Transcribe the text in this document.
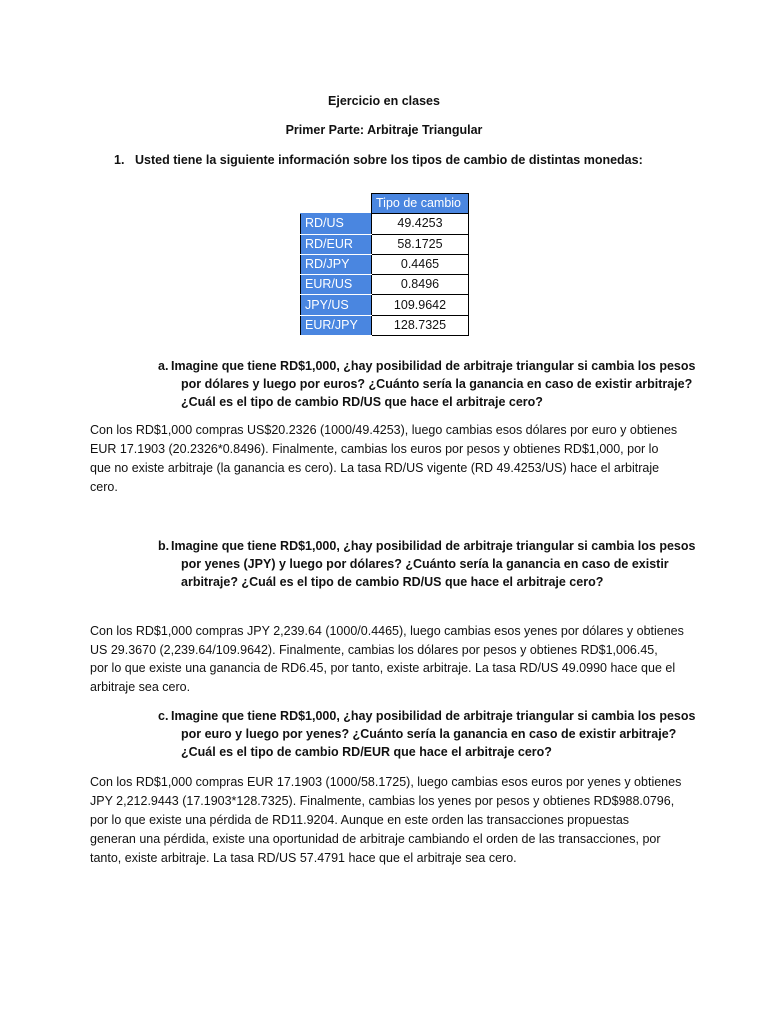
Ejercicio en clases
Primer Parte: Arbitraje Triangular
1. Usted tiene la siguiente información sobre los tipos de cambio de distintas monedas:
	Tipo de cambio
RD/US	49.4253
RD/EUR	58.1725
RD/JPY	0.4465
EUR/US	0.8496
JPY/US	109.9642
EUR/JPY	128.7325
a. Imagine que tiene RD$1,000, ¿hay posibilidad de arbitraje triangular si cambia los pesos
por dólares y luego por euros? ¿Cuánto sería la ganancia en caso de existir arbitraje?
¿Cuál es el tipo de cambio RD/US que hace el arbitraje cero?
Con los RD$1,000 compras US$20.2326 (1000/49.4253), luego cambias esos dólares por euro y obtienes
EUR 17.1903 (20.2326*0.8496). Finalmente, cambias los euros por pesos y obtienes RD$1,000, por lo
que no existe arbitraje (la ganancia es cero). La tasa RD/US vigente (RD 49.4253/US) hace el arbitraje
cero.
b. Imagine que tiene RD$1,000, ¿hay posibilidad de arbitraje triangular si cambia los pesos
por yenes (JPY) y luego por dólares? ¿Cuánto sería la ganancia en caso de existir
arbitraje? ¿Cuál es el tipo de cambio RD/US que hace el arbitraje cero?
Con los RD$1,000 compras JPY 2,239.64 (1000/0.4465), luego cambias esos yenes por dólares y obtienes
US 29.3670 (2,239.64/109.9642). Finalmente, cambias los dólares por pesos y obtienes RD$1,006.45,
por lo que existe una ganancia de RD6.45, por tanto, existe arbitraje. La tasa RD/US 49.0990 hace que el
arbitraje sea cero.
c. Imagine que tiene RD$1,000, ¿hay posibilidad de arbitraje triangular si cambia los pesos
por euro y luego por yenes? ¿Cuánto sería la ganancia en caso de existir arbitraje?
¿Cuál es el tipo de cambio RD/EUR que hace el arbitraje cero?
Con los RD$1,000 compras EUR 17.1903 (1000/58.1725), luego cambias esos euros por yenes y obtienes
JPY 2,212.9443 (17.1903*128.7325). Finalmente, cambias los yenes por pesos y obtienes RD$988.0796,
por lo que existe una pérdida de RD11.9204. Aunque en este orden las transacciones propuestas
generan una pérdida, existe una oportunidad de arbitraje cambiando el orden de las transacciones, por
tanto, existe arbitraje. La tasa RD/US 57.4791 hace que el arbitraje sea cero.
